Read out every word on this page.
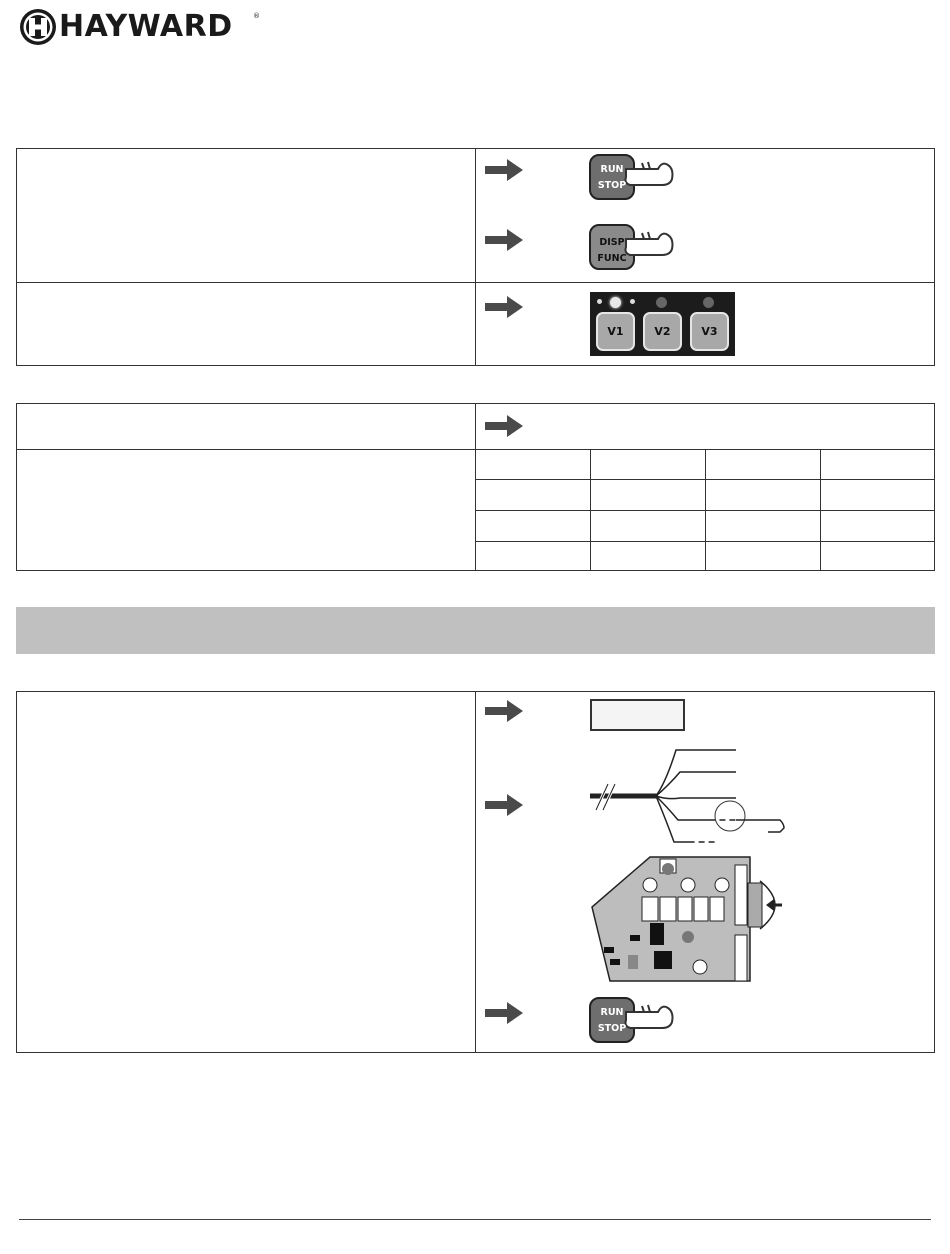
HAYWARD	®
RUN
STOP
DISP
FUNC
V1	V2	V3
RUN
STOP
